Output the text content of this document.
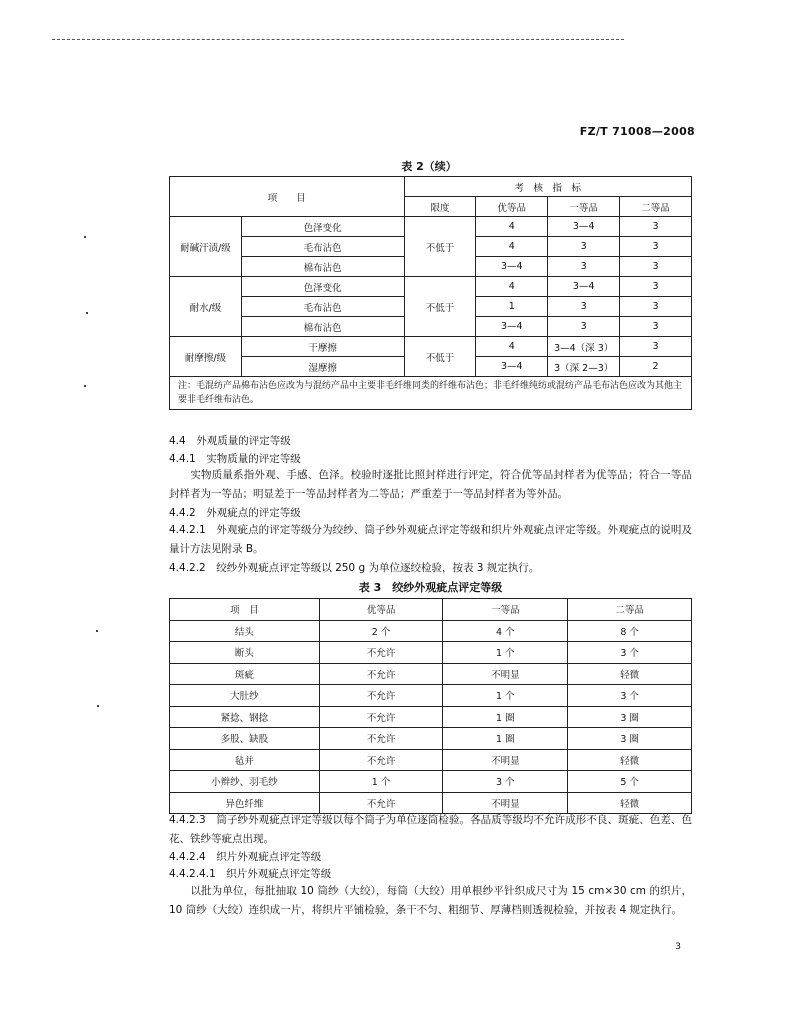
FZ/T 71008—2008
表 2（续）
项　　目		考　核　指　标			
		限度	优等品	一等品	二等品
耐碱汗渍/级	色泽变化	不低于	4	3—4	3
	毛布沾色		4	3	3
	棉布沾色		3—4	3	3
耐水/级	色泽变化	不低于	4	3—4	3
	毛布沾色		1	3	3
	棉布沾色		3—4	3	3
耐摩擦/级	干摩擦	不低于	4	3—4（深 3）	3
	湿摩擦		3—4	3（深 2—3）	2
注：毛混纺产品棉布沾色应改为与混纺产品中主要非毛纤维同类的纤维布沾色；非毛纤维纯纺或混纺产品毛布沾色应改为其他主要非毛纤维布沾色。					
4.4　外观质量的评定等级
4.4.1　实物质量的评定等级
　　实物质量系指外观、手感、色泽。校验时逐批比照封样进行评定，符合优等品封样者为优等品；符合一等品封样者为一等品；明显差于一等品封样者为二等品；严重差于一等品封样者为等外品。
4.4.2　外观疵点的评定等级
4.4.2.1　外观疵点的评定等级分为绞纱、筒子纱外观疵点评定等级和织片外观疵点评定等级。外观疵点的说明及量计方法见附录 B。
4.4.2.2　绞纱外观疵点评定等级以 250 g 为单位逐绞检验，按表 3 规定执行。
表 3　绞纱外观疵点评定等级
项　目	优等品	一等品	二等品
结头	2 个	4 个	8 个
断头	不允许	1 个	3 个
斑疵	不允许	不明显	轻微
大肚纱	不允许	1 个	3 个
紧捻、钢捻	不允许	1 圈	3 圈
多股、缺股	不允许	1 圈	3 圈
毡并	不允许	不明显	轻微
小辫纱、羽毛纱	1 个	3 个	5 个
异色纤维	不允许	不明显	轻微
4.4.2.3　筒子纱外观疵点评定等级以每个筒子为单位逐筒检验。各品质等级均不允许成形不良、斑疵、色差、色花、铁纱等疵点出现。
4.4.2.4　织片外观疵点评定等级
4.4.2.4.1　织片外观疵点评定等级
　　以批为单位，每批抽取 10 筒纱（大绞），每筒（大绞）用单根纱平针织成尺寸为 15 cm×30 cm 的织片，10 筒纱（大绞）连织成一片，将织片平铺检验，条干不匀、粗细节、厚薄档则透视检验，并按表 4 规定执行。
3
